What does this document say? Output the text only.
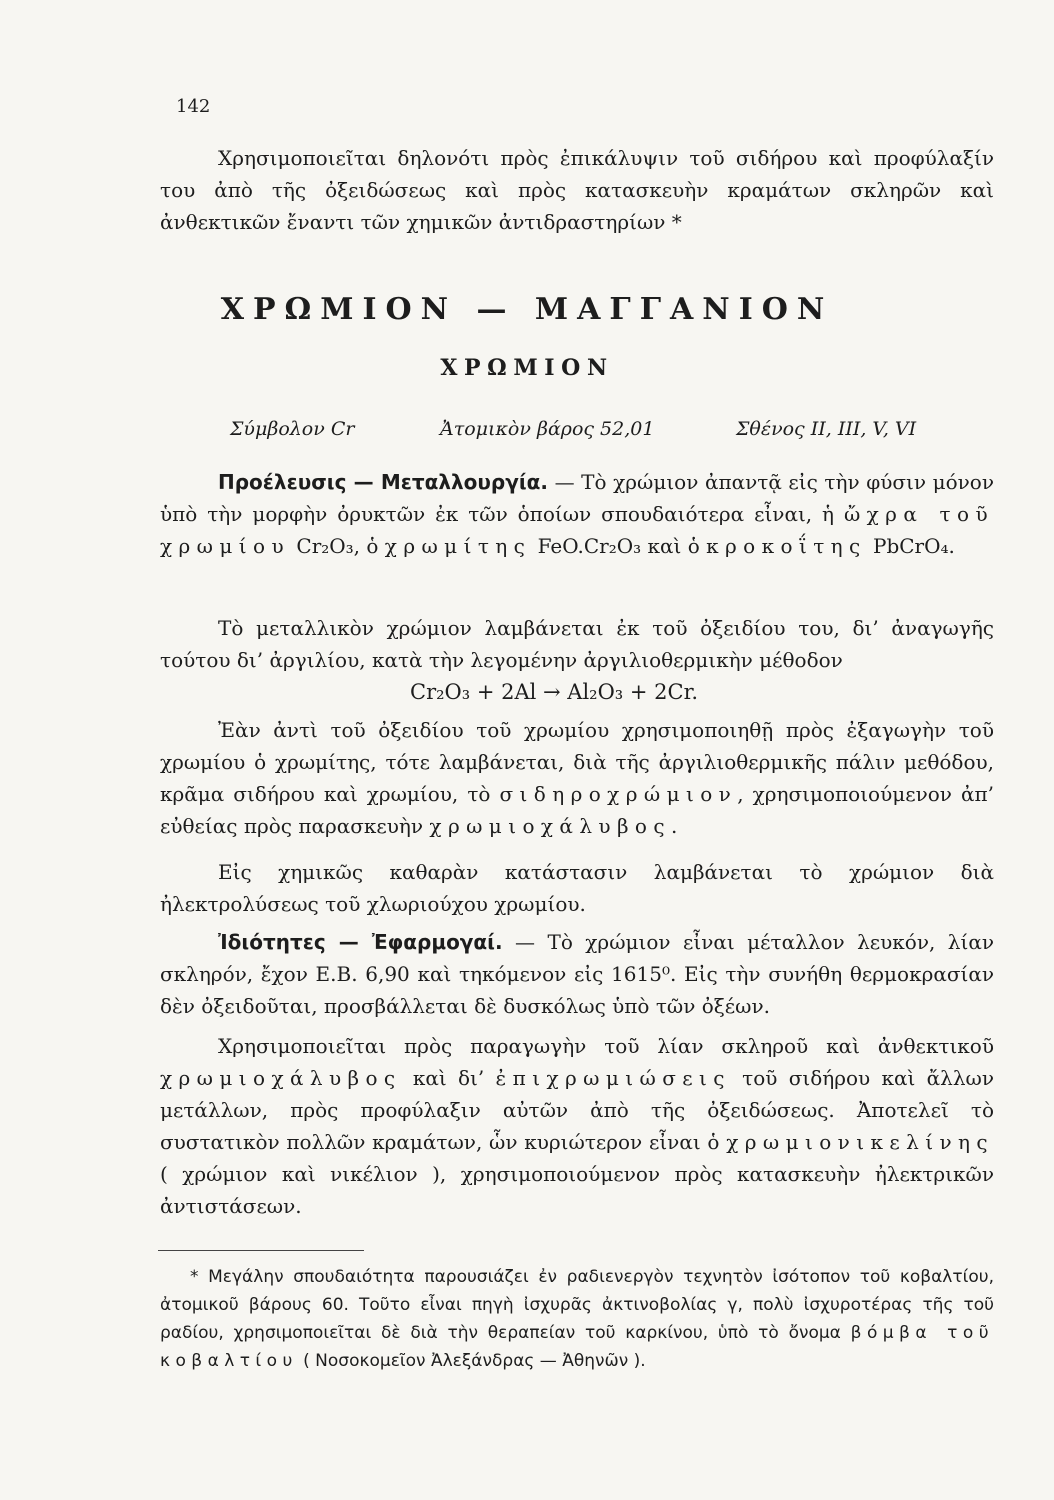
142

Χρησιμοποιεῖται δηλονότι πρὸς ἐπικάλυψιν τοῦ σιδήρου καὶ προφύλαξίν του ἀπὸ τῆς ὀξειδώσεως καὶ πρὸς κατασκευὴν κραμάτων σκληρῶν καὶ ἀνθεκτικῶν ἔναντι τῶν χημικῶν ἀντιδραστηρίων *

ΧΡΩΜΙΟΝ — ΜΑΓΓΑΝΙΟΝ
ΧΡΩΜΙΟΝ
Σύμβολον Cr	Ἀτομικὸν βάρος 52,01	Σθένος II, III, V, VI

Προέλευσις — Μεταλλουργία. — Τὸ χρώμιον ἀπαντᾷ εἰς τὴν φύσιν μόνον ὑπὸ τὴν μορφὴν ὀρυκτῶν ἐκ τῶν ὁποίων σπουδαιότερα εἶναι, ἡ ὤχρα τοῦ χρωμίου Cr₂O₃, ὁ χρωμίτης FeO.Cr₂O₃ καὶ ὁ κροκοΐτης PbCrO₄.

Τὸ μεταλλικὸν χρώμιον λαμβάνεται ἐκ τοῦ ὀξειδίου του, δι’ ἀναγωγῆς τούτου δι’ ἀργιλίου, κατὰ τὴν λεγομένην ἀργιλιοθερμικὴν μέθοδον

Cr₂O₃ + 2Al → Al₂O₃ + 2Cr.

Ἐὰν ἀντὶ τοῦ ὀξειδίου τοῦ χρωμίου χρησιμοποιηθῇ πρὸς ἐξαγωγὴν τοῦ χρωμίου ὁ χρωμίτης, τότε λαμβάνεται, διὰ τῆς ἀργιλιοθερμικῆς πάλιν μεθόδου, κρᾶμα σιδήρου καὶ χρωμίου, τὸ σιδηροχρώμιον, χρησιμοποιούμενον ἀπ’ εὐθείας πρὸς παρασκευὴν χρωμιοχάλυβος.

Εἰς χημικῶς καθαρὰν κατάστασιν λαμβάνεται τὸ χρώμιον διὰ ἠλεκτρολύσεως τοῦ χλωριούχου χρωμίου.

Ἰδιότητες — Ἐφαρμογαί. — Τὸ χρώμιον εἶναι μέταλλον λευκόν, λίαν σκληρόν, ἔχον Ε.Β. 6,90 καὶ τηκόμενον εἰς 1615⁰. Εἰς τὴν συνήθη θερμοκρασίαν δὲν ὀξειδοῦται, προσβάλλεται δὲ δυσκόλως ὑπὸ τῶν ὀξέων.

Χρησιμοποιεῖται πρὸς παραγωγὴν τοῦ λίαν σκληροῦ καὶ ἀνθεκτικοῦ χρωμιοχάλυβος καὶ δι’ ἐπιχρωμιώσεις τοῦ σιδήρου καὶ ἄλλων μετάλλων, πρὸς προφύλαξιν αὐτῶν ἀπὸ τῆς ὀξειδώσεως. Ἀποτελεῖ τὸ συστατικὸν πολλῶν κραμάτων, ὧν κυριώτερον εἶναι ὁ χρωμιονικελίνης ( χρώμιον καὶ νικέλιον ), χρησιμοποιούμενον πρὸς κατασκευὴν ἠλεκτρικῶν ἀντιστάσεων.

* Μεγάλην σπουδαιότητα παρουσιάζει ἐν ραδιενεργὸν τεχνητὸν ἰσότοπον τοῦ κοβαλτίου, ἀτομικοῦ βάρους 60. Τοῦτο εἶναι πηγὴ ἰσχυρᾶς ἀκτινοβολίας γ, πολὺ ἰσχυροτέρας τῆς τοῦ ραδίου, χρησιμοποιεῖται δὲ διὰ τὴν θεραπείαν τοῦ καρκίνου, ὑπὸ τὸ ὄνομα βόμβα τοῦ κοβαλτίου ( Νοσοκομεῖον Ἀλεξάνδρας — Ἀθηνῶν ).
